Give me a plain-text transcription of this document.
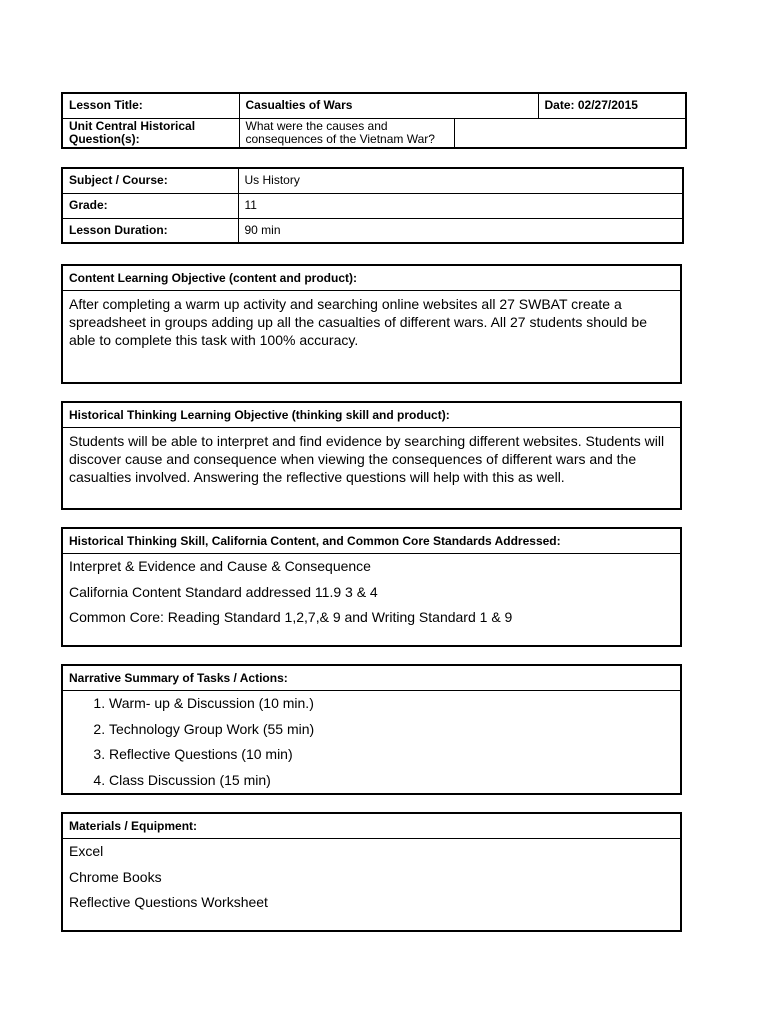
Lesson Title:	Casualties of Wars		Date: 02/27/2015
Unit Central Historical Question(s):	What were the causes and consequences of the Vietnam War?		
Subject / Course:	Us History
Grade:	11
Lesson Duration:	90 min
Content Learning Objective (content and product):
After completing a warm up activity and searching online websites all 27 SWBAT create a spreadsheet in groups adding up all the casualties of different wars. All 27 students should be able to complete this task with 100% accuracy.
Historical Thinking Learning Objective (thinking skill and product):
Students will be able to interpret and find evidence by searching different websites. Students will discover cause and consequence when viewing the consequences of different wars and the casualties involved. Answering the reflective questions will help with this as well.
Historical Thinking Skill, California Content, and Common Core Standards Addressed:
Interpret & Evidence and Cause & Consequence
California Content Standard addressed 11.9 3 & 4
Common Core: Reading Standard 1,2,7,& 9 and Writing Standard 1 & 9
Narrative Summary of Tasks / Actions:
1. Warm- up & Discussion (10 min.)
2. Technology Group Work (55 min)
3. Reflective Questions (10 min)
4. Class Discussion (15 min)
Materials / Equipment:
Excel
Chrome Books
Reflective Questions Worksheet
